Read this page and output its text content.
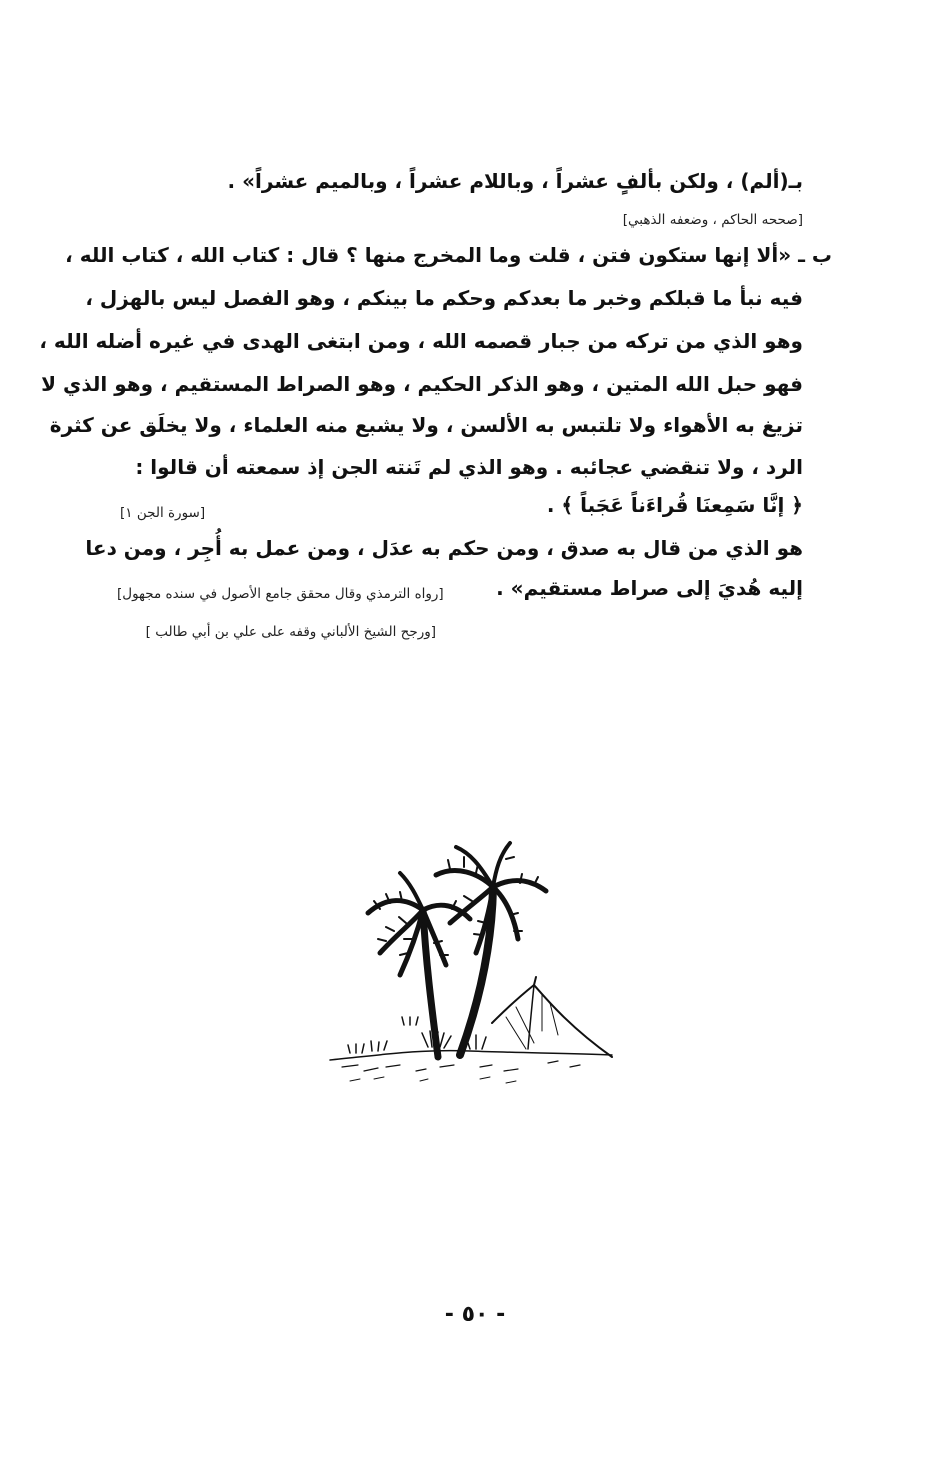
بـ(ألم) ، ولكن بألفٍ عشراً ، وباللام عشراً ، وبالميم عشراً» .
[صححه الحاكم ، وضعفه الذهبي]
ب ـ «ألا إنها ستكون فتن ، قلت وما المخرج منها ؟ قال : كتاب الله ، كتاب الله ،
فيه نبأ ما قبلكم وخبر ما بعدكم وحكم ما بينكم ، وهو الفصل ليس بالهزل ،
وهو الذي من تركه من جبار قصمه الله ، ومن ابتغى الهدى في غيره أضله الله ،
فهو حبل الله المتين ، وهو الذكر الحكيم ، وهو الصراط المستقيم ، وهو الذي لا
تزيغ به الأهواء ولا تلتبس به الألسن ، ولا يشبع منه العلماء ، ولا يخلَق عن كثرة
الرد ، ولا تنقضي عجائبه . وهو الذي لم تَنته الجن إذ سمعته أن قالوا :
﴿ إنَّا سَمِعنَا قُراءَناً عَجَباً ﴾ .
[سورة الجن ١]
هو الذي من قال به صدق ، ومن حكم به عدَل ، ومن عمل به أُجِر ، ومن دعا
إليه هُديَ إلى صراط مستقيم» .
[رواه الترمذي وقال محقق جامع الأصول في سنده مجهول]
[ورجح الشيخ الألباني وقفه على علي بن أبي طالب ]
- ٥٠ -
